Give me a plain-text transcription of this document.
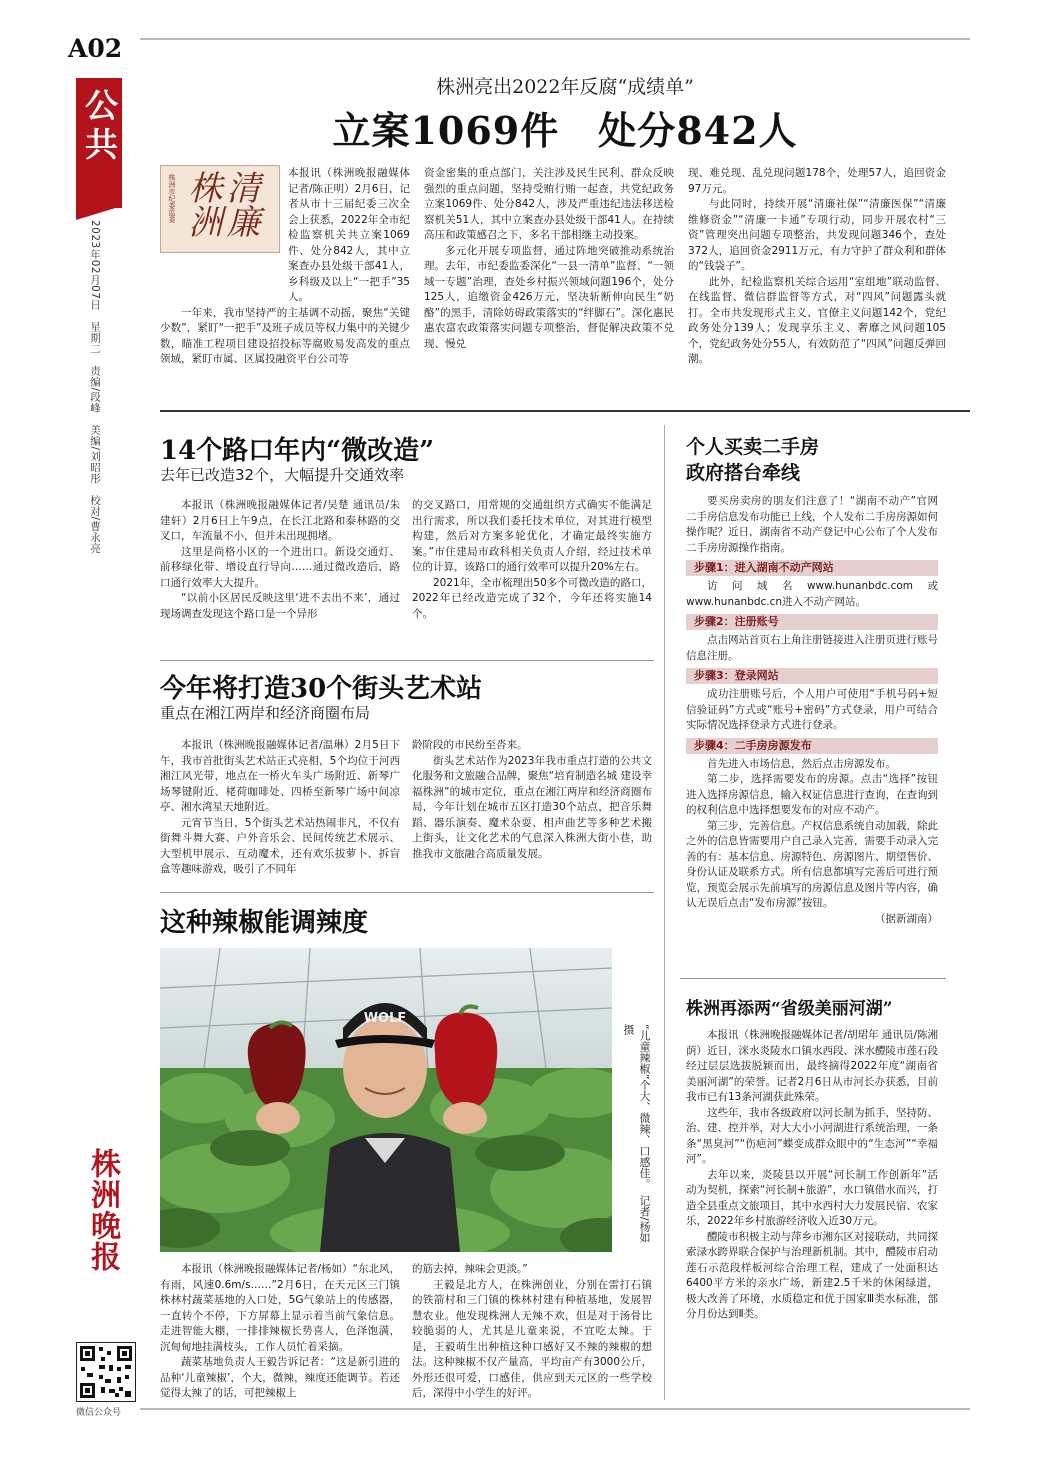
A02
公共
2023年02月07日　星期二　责编/段峰　美编/刘昭彤　校对/曹永亮
株洲晚报
微信公众号
株洲亮出2022年反腐“成绩单”
立案1069件　处分842人
清廉株洲
株洲市纪委监委

本报讯（株洲晚报融媒体记者/陈正明）2月6日，记者从市十三届纪委三次全会上获悉，2022年全市纪检监察机关共立案1069件、处分842人，其中立案查办县处级干部41人，乡科级及以上“一把手”35人。

一年来，我市坚持严的主基调不动摇，聚焦“关键少数”，紧盯“一把手”及班子成员等权力集中的关键少数，瞄准工程项目建设招投标等腐败易发高发的重点领域，紧盯市属、区属投融资平台公司等

资金密集的重点部门，关注涉及民生民利、群众反映强烈的重点问题，坚持受贿行贿一起查，共党纪政务立案1069件、处分842人，涉及严重违纪违法移送检察机关51人，其中立案查办县处级干部41人。在持续高压和政策感召之下，多名干部相继主动投案。

多元化开展专项监督，通过阵地突破推动系统治理。去年，市纪委监委深化“一县一清单”监督、“一领域一专题”治理，查处乡村振兴领域问题196个，处分125人，追缴资金426万元，坚决斩断伸向民生“奶酪”的黑手，清除妨碍政策落实的“绊脚石”。深化惠民惠农富农政策落实问题专项整治，督促解决政策不兑现、慢兑

现、难兑现、乱兑现问题178个，处理57人，追回资金97万元。

与此同时，持续开展“清廉社保”“清廉医保”“清廉维修资金”“清廉一卡通”专项行动，同步开展农村“三资”管理突出问题专项整治，共发现问题346个，查处372人，追回资金2911万元，有力守护了群众利和群体的“钱袋子”。

此外，纪检监察机关综合运用“室组地”联动监督、在线监督、微信群监督等方式，对“四风”问题露头就打。全市共发现形式主义、官僚主义问题142个，党纪政务处分139人；发现享乐主义、奢靡之风问题105个，党纪政务处分55人，有效防范了“四风”问题反弹回潮。

14个路口年内“微改造”
去年已改造32个，大幅提升交通效率

本报讯（株洲晚报融媒体记者/吴楚 通讯员/朱建轩）2月6日上午9点，在长江北路和泰林路的交叉口，车流量不小，但并未出现拥堵。

这里是尚格小区的一个进出口。新设交通灯、前移绿化带、增设直行导向……通过微改造后，路口通行效率大大提升。

“以前小区居民反映这里‘进不去出不来’，通过现场调查发现这个路口是一个异形

的交叉路口，用常规的交通组织方式确实不能满足出行需求，所以我们委托技术单位，对其进行模型构建，然后对方案多轮优化，才确定最终实施方案。”市住建局市政科相关负责人介绍，经过技术单位的计算，该路口的通行效率可以提升20%左右。

2021年，全市梳理出50多个可微改造的路口，2022年已经改造完成了32个，今年还将实施14个。

今年将打造30个街头艺术站
重点在湘江两岸和经济商圈布局

本报讯（株洲晚报融媒体记者/温琳）2月5日下午，我市首批街头艺术站正式亮相，5个均位于河西湘江风光带，地点在一桥火车头广场附近、新琴广场琴键附近、栳荷咖啡处、四桥至新琴广场中间凉亭、湘水湾星天地附近。

元宵节当日，5个街头艺术站热闹非凡，不仅有街舞斗舞大赛、户外音乐会、民间传统艺术展示、大型机甲展示、互动魔术，还有欢乐拔萝卜、拆盲盒等趣味游戏，吸引了不同年

龄阶段的市民纷至沓来。

街头艺术站作为2023年我市重点打造的公共文化服务和文旅融合品牌，聚焦“培育制造名城 建设幸福株洲”的城市定位，重点在湘江两岸和经济商圈布局，今年计划在城市五区打造30个站点，把音乐舞蹈、器乐演奏、魔术杂耍、相声曲艺等多种艺术搬上街头，让文化艺术的气息深入株洲大街小巷，助推我市文旅融合高质量发展。

这种辣椒能调辣度
WOLF
“儿童辣椒”个大、微辣、口感佳。　记者/杨如 摄

本报讯（株洲晚报融媒体记者/杨如）“东北风，有雨，风速0.6m/s……”2月6日，在天元区三门镇株林村蔬菜基地的入口处，5G气象站上的传感器，一直转个不停，下方屏幕上显示着当前气象信息。走进智能大棚，一排排辣椒长势喜人，色泽饱满，沉甸甸地挂满枝头，工作人员忙着采摘。

蔬菜基地负责人王毅告诉记者：“这是新引进的品种‘儿童辣椒’，个大，微辣，辣度还能调节。若还觉得太辣了的话，可把辣椒上

的筋去掉，辣味会更淡。”

王毅是北方人，在株洲创业，分别在雷打石镇的铁箭村和三门镇的株林村建有种植基地，发展智慧农业。他发现株洲人无辣不欢，但是对于汤骨比较脆弱的人，尤其是儿童来说，不宜吃太辣。于是，王毅萌生出种植这种口感好又不辣的辣椒的想法。这种辣椒不仅产量高，平均亩产有3000公斤，外形还很可爱，口感佳，供应到天元区的一些学校后，深得中小学生的好评。

个人买卖二手房
政府搭台牵线

要买房卖房的朋友们注意了！“湖南不动产”官网二手房信息发布功能已上线，个人发布二手房房源如何操作呢？近日，湖南省不动产登记中心公布了个人发布二手房房源操作指南。

步骤1：进入湖南不动产网站

访问域名www.hunanbdc.com或www.hunanbdc.cn进入不动产网站。

步骤2：注册账号

点击网站首页右上角注册链接进入注册页进行账号信息注册。

步骤3：登录网站

成功注册账号后，个人用户可使用“手机号码+短信验证码”方式或“账号+密码”方式登录，用户可结合实际情况选择登录方式进行登录。

步骤4：二手房房源发布

首先进入市场信息，然后点击房源发布。

第二步，选择需要发布的房源。点击“选择”按钮进入选择房源信息，输入权证信息进行查询，在查询到的权利信息中选择想要发布的对应不动产。

第三步，完善信息。产权信息系统自动加载，除此之外的信息皆需要用户自己录入完善，需要手动录入完善的有：基本信息、房源特色、房源图片、期望售价、身份认证及联系方式。所有信息都填写完善后可进行预览，预览会展示先前填写的房源信息及图片等内容，确认无误后点击“发布房源”按钮。

（据新湖南）

株洲再添两“省级美丽河湖”

本报讯（株洲晚报融媒体记者/胡珺年 通讯员/陈湘荫）近日，洣水炎陵水口镇水西段、洣水醴陵市莲石段经过层层选拔脱颖而出，最终摘得2022年度“湖南省美丽河湖”的荣誉。记者2月6日从市河长办获悉，目前我市已有13条河湖获此殊荣。

这些年，我市各级政府以河长制为抓手，坚持防、治、建、控并举，对大大小小河湖进行系统治理，一条条“黑臭河”“伤疤河”蝶变成群众眼中的“生态河”“幸福河”。

去年以来，炎陵县以开展“河长制工作创新年”活动为契机，探索“河长制+旅游”，水口镇借水而兴，打造全县重点文旅项目，其中水西村大力发展民宿、农家乐，2022年乡村旅游经济收入近30万元。

醴陵市积极主动与萍乡市湘东区对接联动，共同探索渌水跨界联合保护与治理新机制。其中，醴陵市启动莲石示范段样板河综合治理工程，建成了一处面积达6400平方米的亲水广场，新建2.5千米的休闲绿道，极大改善了环境，水质稳定和优于国家Ⅲ类水标准，部分月份达到Ⅱ类。
